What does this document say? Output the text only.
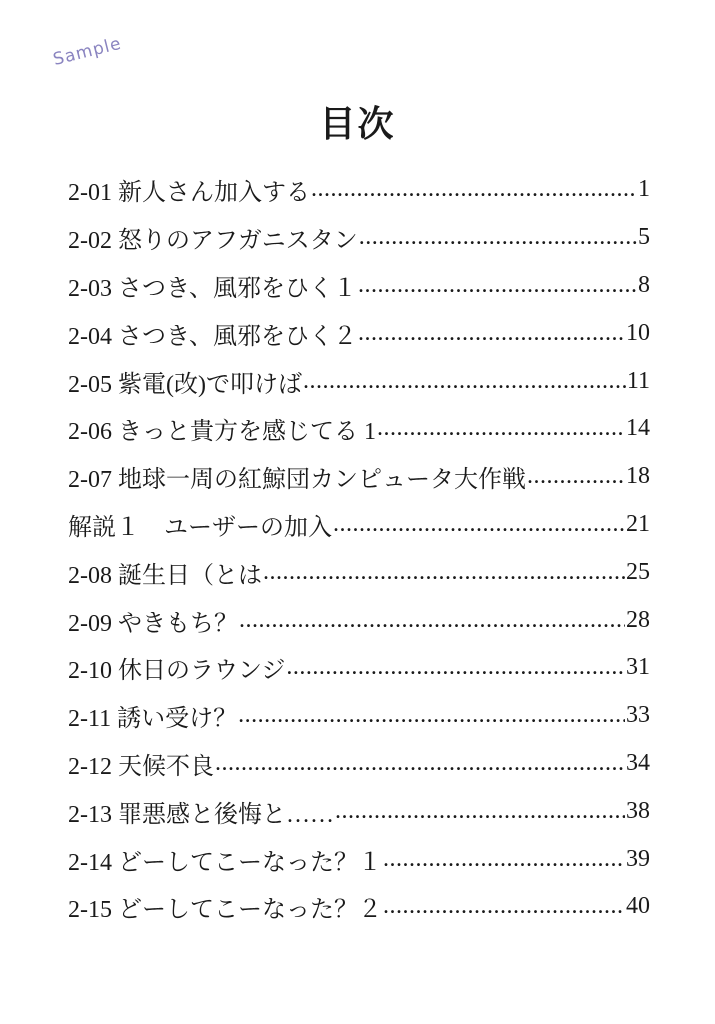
Sample
目次
2-01 新人さん加入する .....	1
2-02 怒りのアフガニスタン .....	5
2-03 さつき、風邪をひく１ .....	8
2-04 さつき、風邪をひく２ .....	10
2-05 紫電(改)で叩けば .....	11
2-06 きっと貴方を感じてる 1 .....	14
2-07 地球一周の紅鯨団カンピュータ大作戦 .....	18
解説１　ユーザーの加入 .....	21
2-08 誕生日（とは .....	25
2-09 やきもち？ .....	28
2-10 休日のラウンジ .....	31
2-11 誘い受け？ .....	33
2-12 天候不良 .....	34
2-13 罪悪感と後悔と…… .....	38
2-14 どーしてこーなった？１ .....	39
2-15 どーしてこーなった？２ .....	40
